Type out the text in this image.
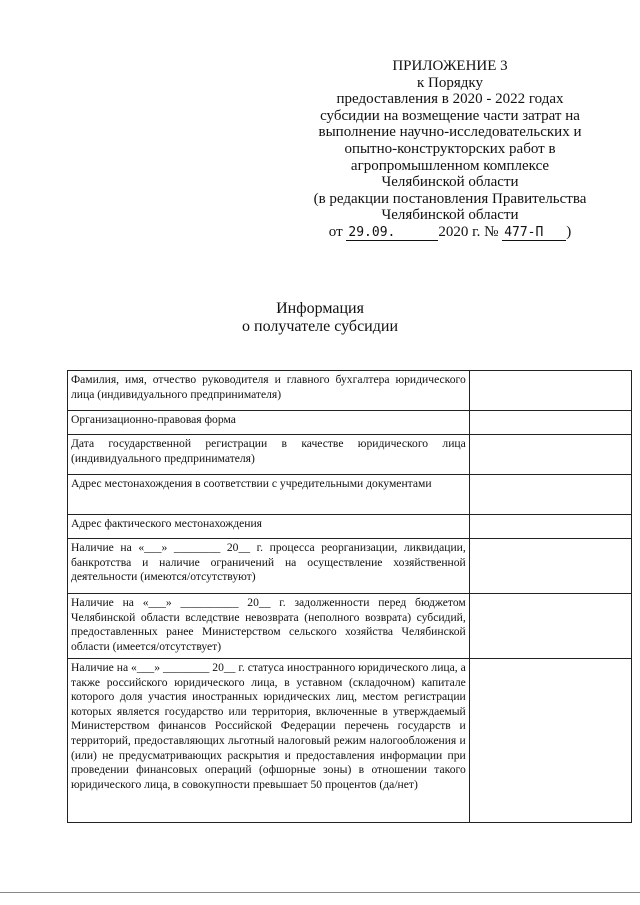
ПРИЛОЖЕНИЕ 3
к Порядку
предоставления в 2020 - 2022 годах
субсидии на возмещение части затрат на
выполнение научно-исследовательских и
опытно-конструкторских работ в
агропромышленном комплексе
Челябинской области
(в редакции постановления Правительства
Челябинской области
от 29.09.	2020 г. № 477-П )
Информация
о получателе субсидии
Фамилия, имя, отчество руководителя и главного бухгалтера юридического лица (индивидуального предпринимателя)	
Организационно-правовая форма	
Дата государственной регистрации в качестве юридического лица (индивидуального предпринимателя)	
Адрес местонахождения в соответствии с учредительными документами	
Адрес фактического местонахождения	
Наличие на «___» ________ 20__ г. процесса реорганизации, ликвидации, банкротства и наличие ограничений на осуществление хозяйственной деятельности (имеются/отсутствуют)	
Наличие на «___» __________ 20__ г. задолженности перед бюджетом Челябинской области вследствие невозврата (неполного возврата) субсидий, предоставленных ранее Министерством сельского хозяйства Челябинской области (имеется/отсутствует)	
Наличие на «___» ________ 20__ г. статуса иностранного юридического лица, а также российского юридического лица, в уставном (складочном) капитале которого доля участия иностранных юридических лиц, местом регистрации которых является государство или территория, включенные в утверждаемый Министерством финансов Российской Федерации перечень государств и территорий, предоставляющих льготный налоговый режим налогообложения и (или) не предусматривающих раскрытия и предоставления информации при проведении финансовых операций (офшорные зоны) в отношении такого юридического лица, в совокупности превышает 50 процентов (да/нет)	
